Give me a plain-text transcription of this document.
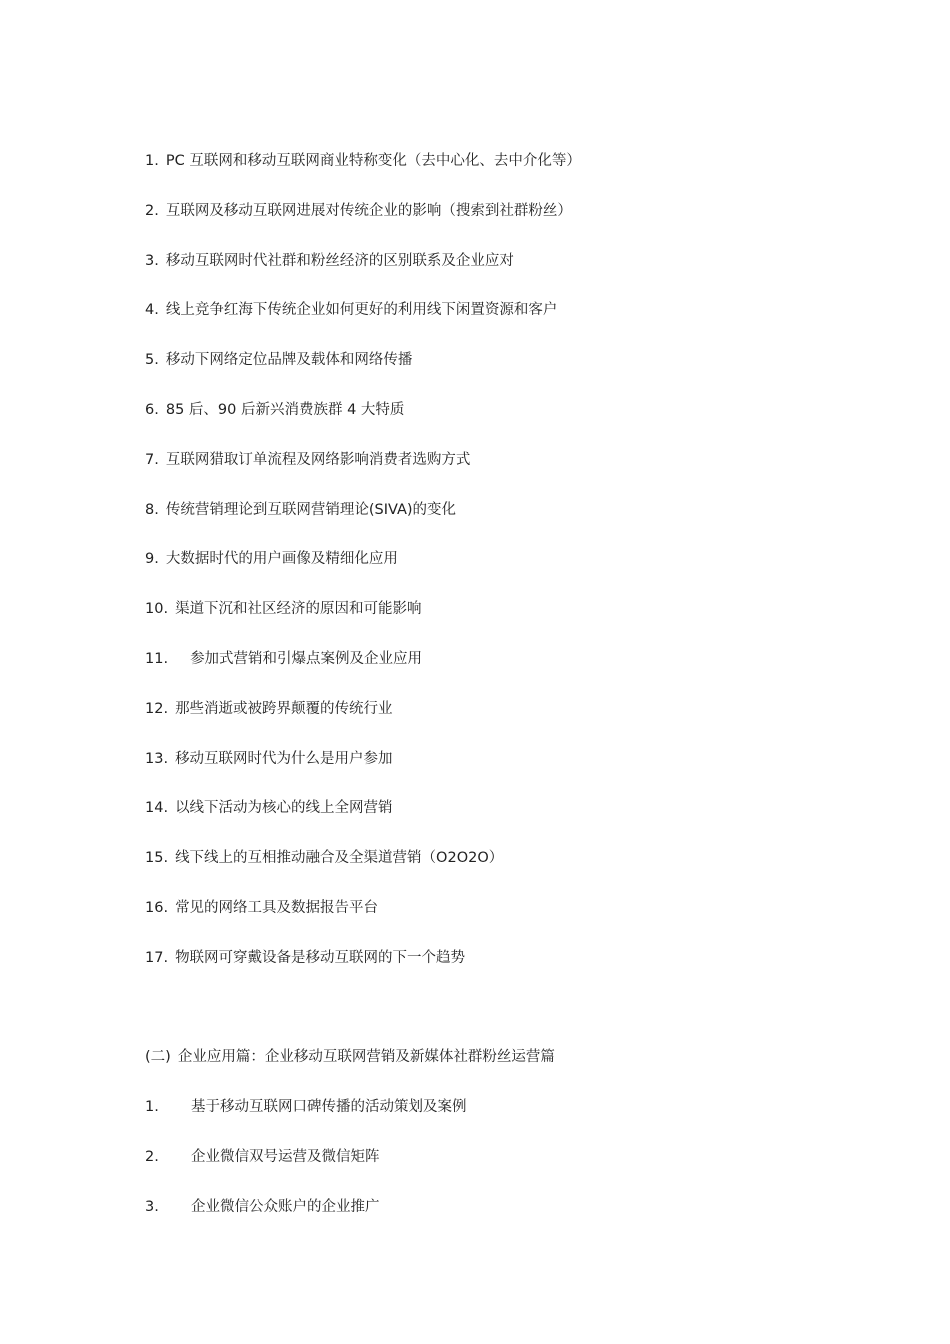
1. PC 互联网和移动互联网商业特称变化（去中心化、去中介化等）
2. 互联网及移动互联网进展对传统企业的影响（搜索到社群粉丝）
3. 移动互联网时代社群和粉丝经济的区别联系及企业应对
4. 线上竞争红海下传统企业如何更好的利用线下闲置资源和客户
5. 移动下网络定位品牌及载体和网络传播
6. 85 后、90 后新兴消费族群 4 大特质
7. 互联网猎取订单流程及网络影响消费者选购方式
8. 传统营销理论到互联网营销理论(SIVA)的变化
9. 大数据时代的用户画像及精细化应用
10. 渠道下沉和社区经济的原因和可能影响
11. 参加式营销和引爆点案例及企业应用
12. 那些消逝或被跨界颠覆的传统行业
13. 移动互联网时代为什么是用户参加
14. 以线下活动为核心的线上全网营销
15. 线下线上的互相推动融合及全渠道营销（O2O2O）
16. 常见的网络工具及数据报告平台
17. 物联网可穿戴设备是移动互联网的下一个趋势
(二) 企业应用篇：企业移动互联网营销及新媒体社群粉丝运营篇
1. 基于移动互联网口碑传播的活动策划及案例
2. 企业微信双号运营及微信矩阵
3. 企业微信公众账户的企业推广
